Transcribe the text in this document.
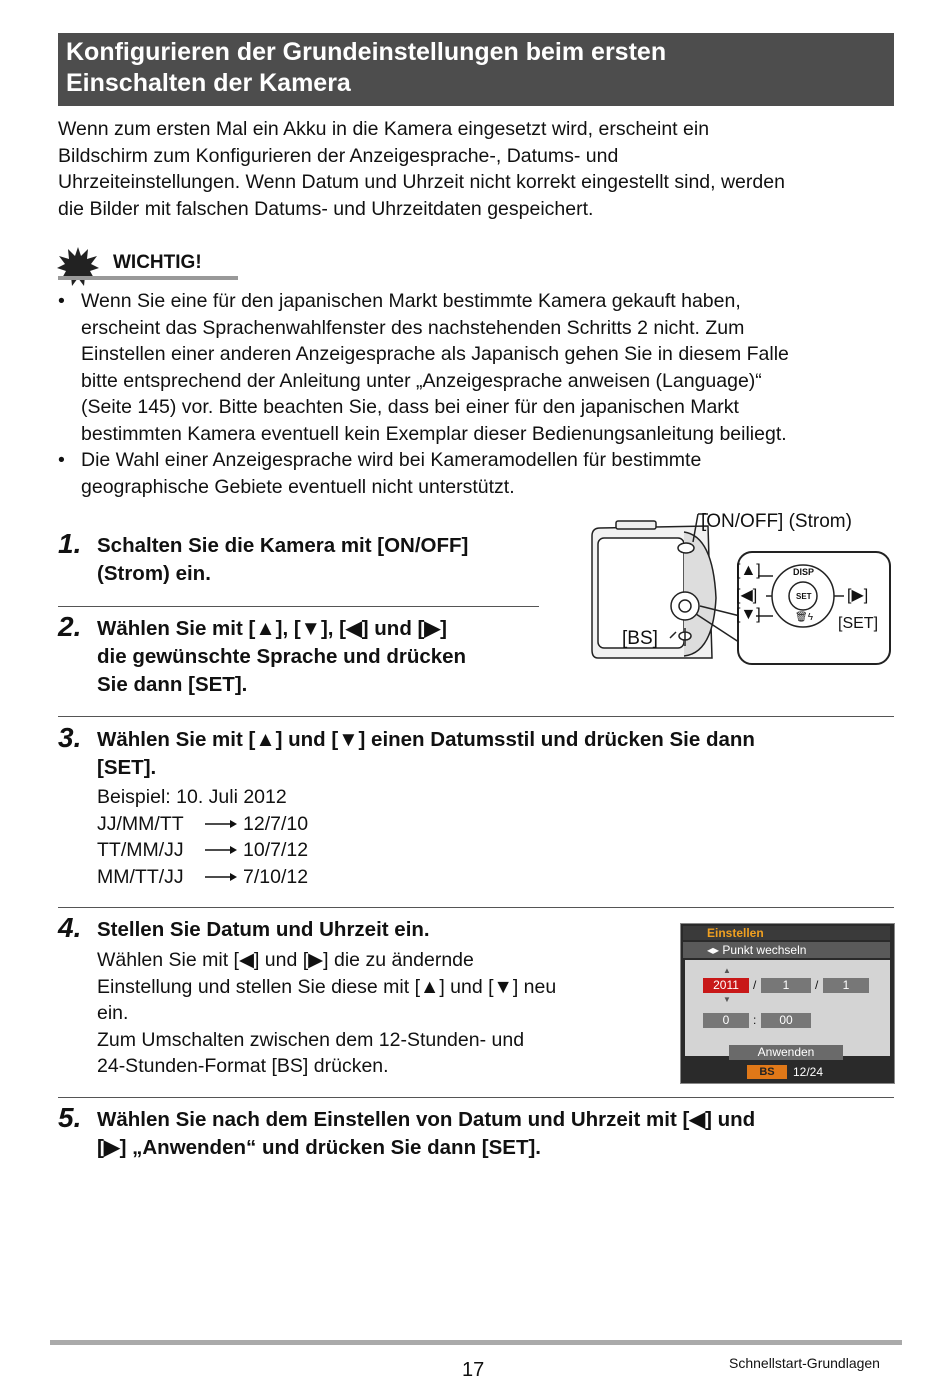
Konfigurieren der Grundeinstellungen beim ersten
Einschalten der Kamera
Wenn zum ersten Mal ein Akku in die Kamera eingesetzt wird, erscheint ein
Bildschirm zum Konfigurieren der Anzeigesprache-, Datums- und
Uhrzeiteinstellungen. Wenn Datum und Uhrzeit nicht korrekt eingestellt sind, werden
die Bilder mit falschen Datums- und Uhrzeitdaten gespeichert.
WICHTIG!
• Wenn Sie eine für den japanischen Markt bestimmte Kamera gekauft haben,
erscheint das Sprachenwahlfenster des nachstehenden Schritts 2 nicht. Zum
Einstellen einer anderen Anzeigesprache als Japanisch gehen Sie in diesem Falle
bitte entsprechend der Anleitung unter „Anzeigesprache anweisen (Language)“
(Seite 145) vor. Bitte beachten Sie, dass bei einer für den japanischen Markt
bestimmten Kamera eventuell kein Exemplar dieser Bedienungsanleitung beiliegt.
• Die Wahl einer Anzeigesprache wird bei Kameramodellen für bestimmte
geographische Gebiete eventuell nicht unterstützt.
1. Schalten Sie die Kamera mit [ON/OFF]
(Strom) ein.
2. Wählen Sie mit [▲], [▼], [◀] und [▶]
die gewünschte Sprache und drücken
Sie dann [SET].
[ON/OFF] (Strom)
[BS]
[▲]
[◀]
[▼]
[▶]
[SET]
DISP
SET
🗑ϟ
3. Wählen Sie mit [▲] und [▼] einen Datumsstil und drücken Sie dann
[SET].
Beispiel: 10. Juli 2012
JJ/MM/TT	12/7/10
TT/MM/JJ	10/7/12
MM/TT/JJ	7/10/12
4. Stellen Sie Datum und Uhrzeit ein.
Wählen Sie mit [◀] und [▶] die zu ändernde
Einstellung und stellen Sie diese mit [▲] und [▼] neu
ein.
Zum Umschalten zwischen dem 12-Stunden- und
24-Stunden-Format [BS] drücken.
Einstellen
◂▸ Punkt wechseln
▲
2011
▼
/	1	/	1
0	:	00
Anwenden
BS	12/24
5. Wählen Sie nach dem Einstellen von Datum und Uhrzeit mit [◀] und
[▶] „Anwenden“ und drücken Sie dann [SET].
17	Schnellstart-Grundlagen
